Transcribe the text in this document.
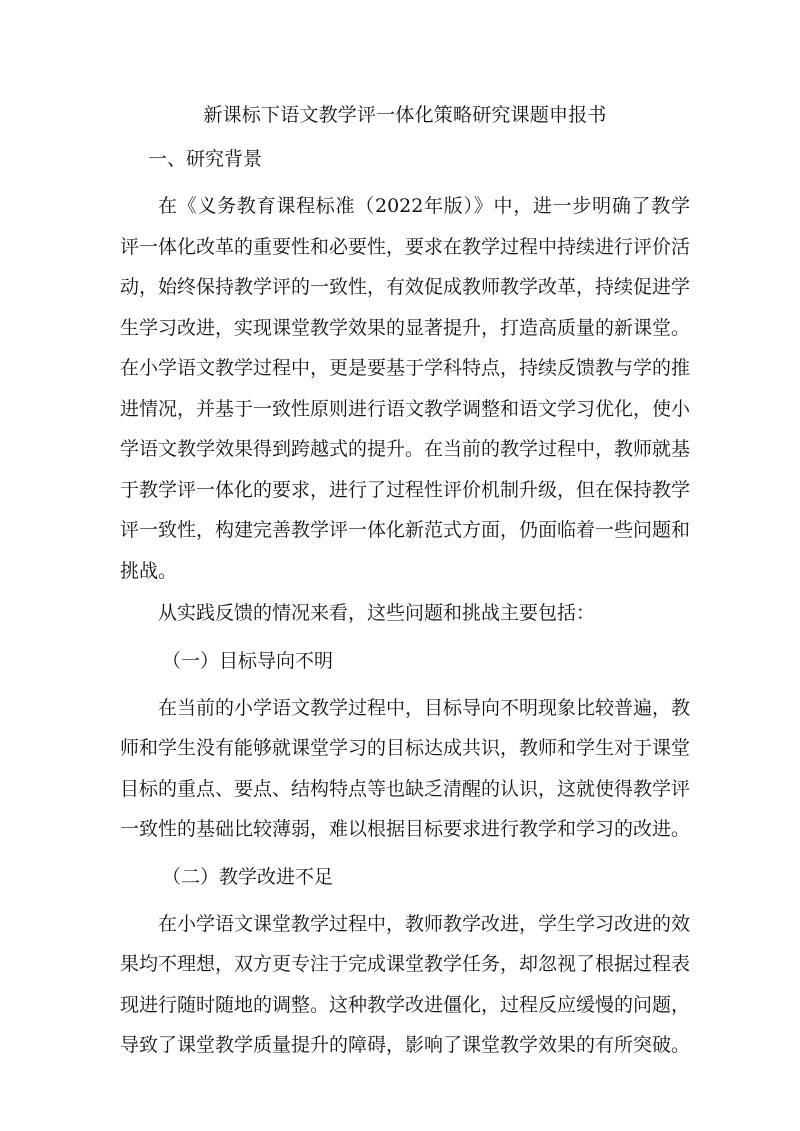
新课标下语文教学评一体化策略研究课题申报书
一、研究背景

在《义务教育课程标准（2022年版）》中，进一步明确了教学评一体化改革的重要性和必要性，要求在教学过程中持续进行评价活动，始终保持教学评的一致性，有效促成教师教学改革，持续促进学生学习改进，实现课堂教学效果的显著提升，打造高质量的新课堂。在小学语文教学过程中，更是要基于学科特点，持续反馈教与学的推进情况，并基于一致性原则进行语文教学调整和语文学习优化，使小学语文教学效果得到跨越式的提升。在当前的教学过程中，教师就基于教学评一体化的要求，进行了过程性评价机制升级，但在保持教学评一致性，构建完善教学评一体化新范式方面，仍面临着一些问题和挑战。

从实践反馈的情况来看，这些问题和挑战主要包括：

（一）目标导向不明

在当前的小学语文教学过程中，目标导向不明现象比较普遍，教师和学生没有能够就课堂学习的目标达成共识，教师和学生对于课堂目标的重点、要点、结构特点等也缺乏清醒的认识，这就使得教学评一致性的基础比较薄弱，难以根据目标要求进行教学和学习的改进。

（二）教学改进不足

在小学语文课堂教学过程中，教师教学改进，学生学习改进的效果均不理想，双方更专注于完成课堂教学任务，却忽视了根据过程表现进行随时随地的调整。这种教学改进僵化，过程反应缓慢的问题，导致了课堂教学质量提升的障碍，影响了课堂教学效果的有所突破。
